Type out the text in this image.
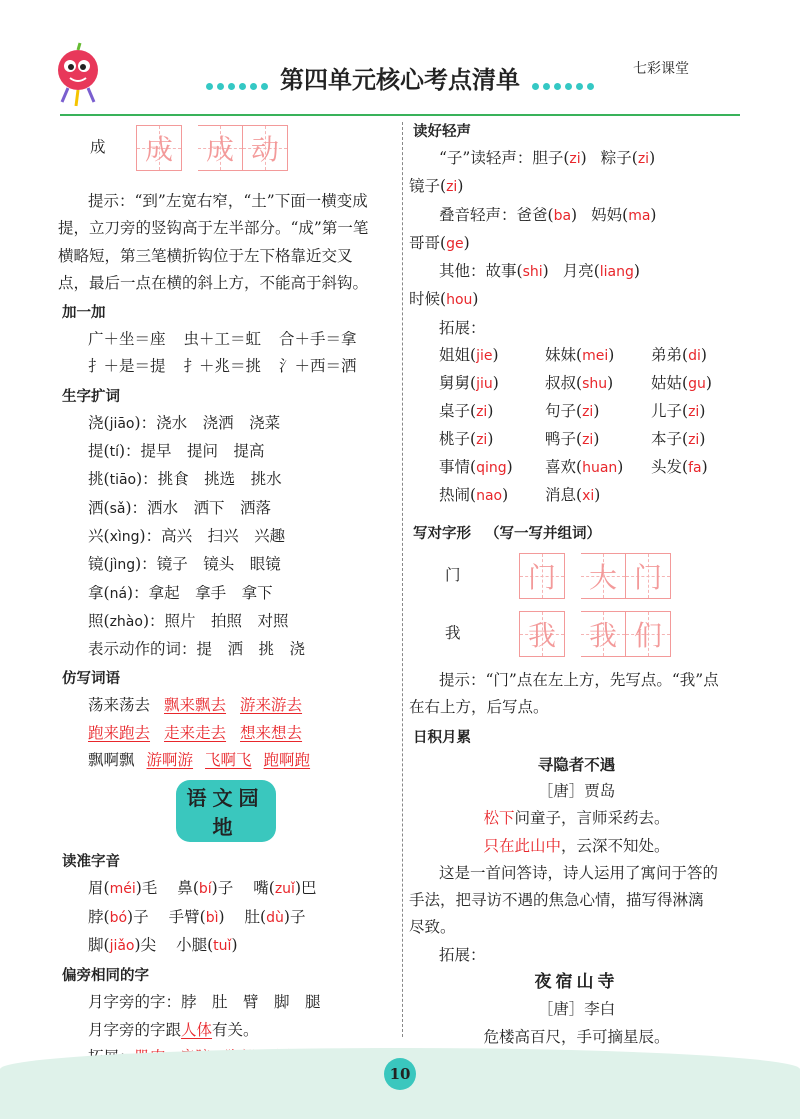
第四单元核心考点清单	七彩课堂
成	成 成 动
提示：“到”左宽右窄，“土”下面一横变成
提，立刀旁的竖钩高于左半部分。“成”第一笔
横略短，第三笔横折钩位于左下格靠近交叉
点，最后一点在横的斜上方，不能高于斜钩。
加一加
广＋坐＝座 虫＋工＝虹 合＋手＝拿
扌＋是＝提 扌＋兆＝挑 氵＋西＝洒
生字扩词
浇(jiāo)：浇水　浇洒　浇菜
提(tí)：提早　提问　提高
挑(tiāo)：挑食　挑选　挑水
洒(sǎ)：洒水　洒下　洒落
兴(xìng)：高兴　扫兴　兴趣
镜(jìng)：镜子　镜头　眼镜
拿(ná)：拿起　拿手　拿下
照(zhào)：照片　拍照　对照
表示动作的词：提　洒　挑　浇
仿写词语
荡来荡去 飘来飘去 游来游去
跑来跑去 走来走去 想来想去
飘啊飘 游啊游 飞啊飞 跑啊跑
语文园地
读准字音
眉(méi)毛 鼻(bí)子 嘴(zuǐ)巴
脖(bó)子 手臂(bì) 肚(dù)子
脚(jiǎo)尖 小腿(tuǐ)
偏旁相同的字
月字旁的字：脖　肚　臂　脚　腿
月字旁的字跟人体有关。
读好轻声
“子”读轻声：胆子(zi) 粽子(zi)
镜子(zi)
叠音轻声：爸爸(ba) 妈妈(ma)
哥哥(ge)
其他：故事(shi) 月亮(liang)
时候(hou)
拓展：
姐姐(jie)	妹妹(mei)	弟弟(di)
舅舅(jiu)	叔叔(shu)	姑姑(gu)
桌子(zi)	句子(zi)	儿子(zi)
桃子(zi)	鸭子(zi)	本子(zi)
事情(qing)	喜欢(huan)	头发(fa)
热闹(nao)	消息(xi)
写对字形 （写一写并组词）
门	门 大 门
我	我 我 们
提示：“门”点在左上方，先写点。“我”点
在右上方，后写点。
日积月累
寻隐者不遇
［唐］贾岛
松下问童子，言师采药去。
只在此山中，云深不知处。
这是一首问答诗，诗人运用了寓问于答的
手法，把寻访不遇的焦急心情，描写得淋漓
尽致。
拓展：
夜宿山寺
［唐］李白
危楼高百尺，手可摘星辰。
10
